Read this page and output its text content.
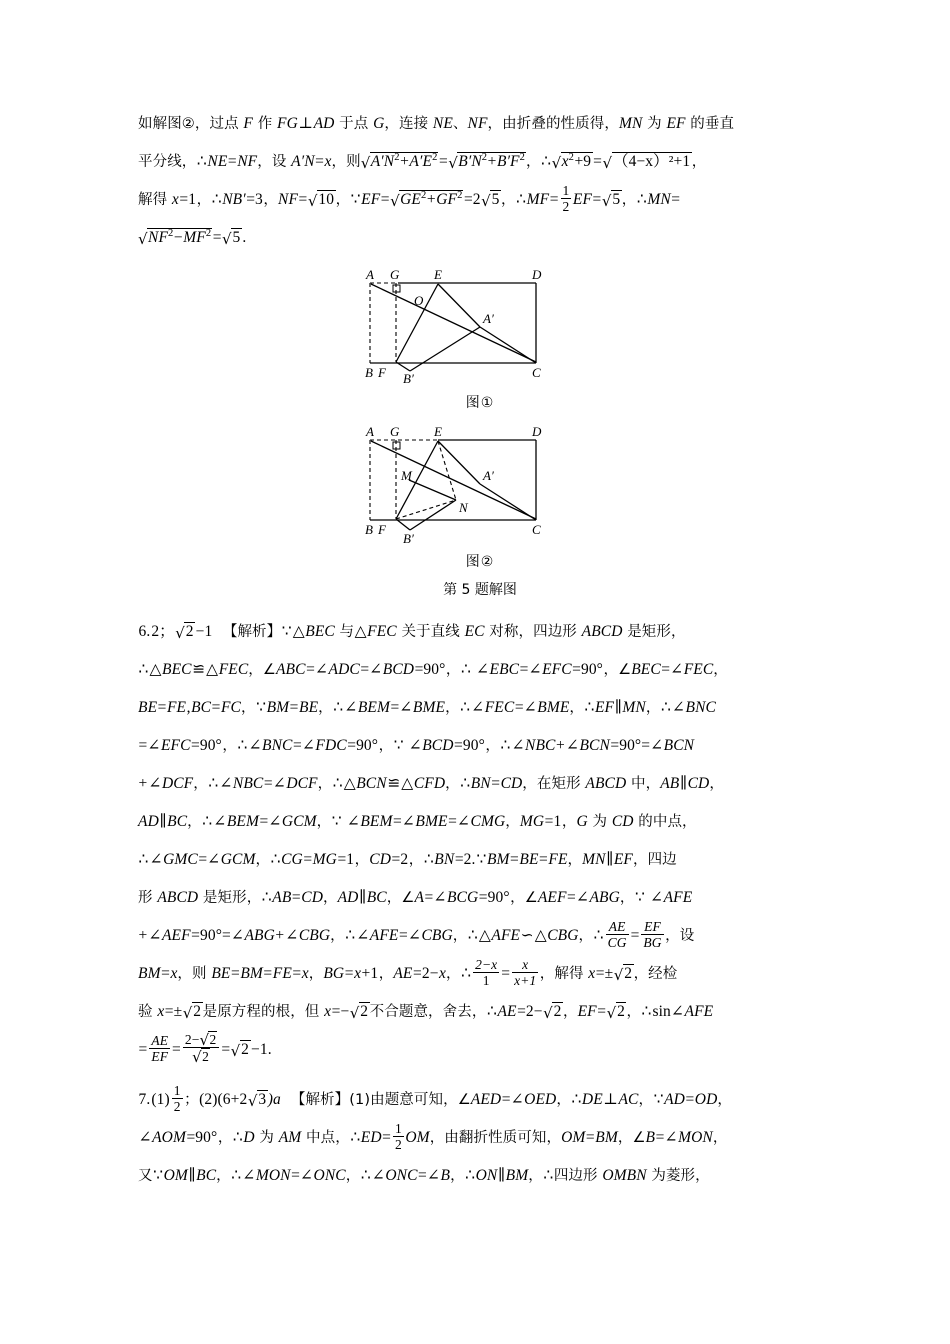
如解图②，过点 F 作 FG⊥AD 于点 G，连接 NE、NF，由折叠的性质得，MN 为 EF 的垂直
平分线，∴NE=NF，设 A′N=x，则 √ $A'N^2+A'E^2=$ √ $B'N^2+B'F^2$，∴ √ $x^2+9$ = √ （4−x）²+1 ，
解得 x=1，∴NB′=3，NF= √ 10 ，∵EF= √ $GE^2+GF^2=2$ √ 5 ，∴MF= $\frac{1}{2} EF=$ √ 5 ，∴MN=
√ $NF^2-MF^2=$ √ 5 .
A G	E	D
O
A′
B F B′	C
图①
A G	E	D
M	A′
N
B F
B′
C
图②
第 5 题解图
6.2； √ 2 −1 【解析】∵△BEC 与△FEC 关于直线 EC 对称，四边形 ABCD 是矩形，
∴△BEC≌△FEC，∠ABC=∠ADC=∠BCD=90°，∴ ∠EBC=∠EFC=90°，∠BEC=∠FEC，
BE=FE,BC=FC，∵BM=BE，∴∠BEM=∠BME，∴∠FEC=∠BME，∴EF∥MN，∴∠BNC
=∠EFC=90°，∴∠BNC=∠FDC=90°，∵ ∠BCD=90°，∴∠NBC+∠BCN=90°=∠BCN
+∠DCF，∴∠NBC=∠DCF，∴△BCN≌△CFD，∴BN=CD，在矩形 ABCD 中，AB∥CD，
AD∥BC，∴∠BEM=∠GCM，∵ ∠BEM=∠BME=∠CMG，MG=1，G 为 CD 的中点，
∴∠GMC=∠GCM，∴CG=MG=1，CD=2，∴BN=2.∵BM=BE=FE，MN∥EF，四边
形 ABCD 是矩形，∴AB=CD，AD∥BC，∠A=∠BCG=90°，∠AEF=∠ABG，∵ ∠AFE
+∠AEF=90°=∠ABG+∠CBG，∴∠AFE=∠CBG，∴△AFE∽△CBG，∴ $\frac{AE}{CG} = \frac{EF}{BG}$ ，设
BM=x，则 BE=BM=FE=x，BG=x+1，AE=2−x，∴ $\frac{2-x}{1} = \frac{x}{x+1}$ ，解得 x=± √ 2 ，经检
验 x=± √ 2 是原方程的根，但 x=− √ 2 不合题意，舍去，∴AE=2− √ 2 ，EF= √ 2 ，∴sin∠AFE
= $\frac{AE}{EF} = 2-$ √ 2
√ 2 = √ 2 −1.
$7.(1) \frac{1}{2}$ ；(2)(6+2 √ 3)a 【解析】(1)由题意可知，∠AED=∠OED，∴DE⊥AC，∵AD=OD，
∠AOM=90°，∴D 为 AM 中点，∴ED= $\frac{1}{2}$ OM，由翻折性质可知，OM=BM，∠B=∠MON，
又∵OM∥BC，∴∠MON=∠ONC，∴∠ONC=∠B，∴ON∥BM，∴四边形 OMBN 为菱形，
